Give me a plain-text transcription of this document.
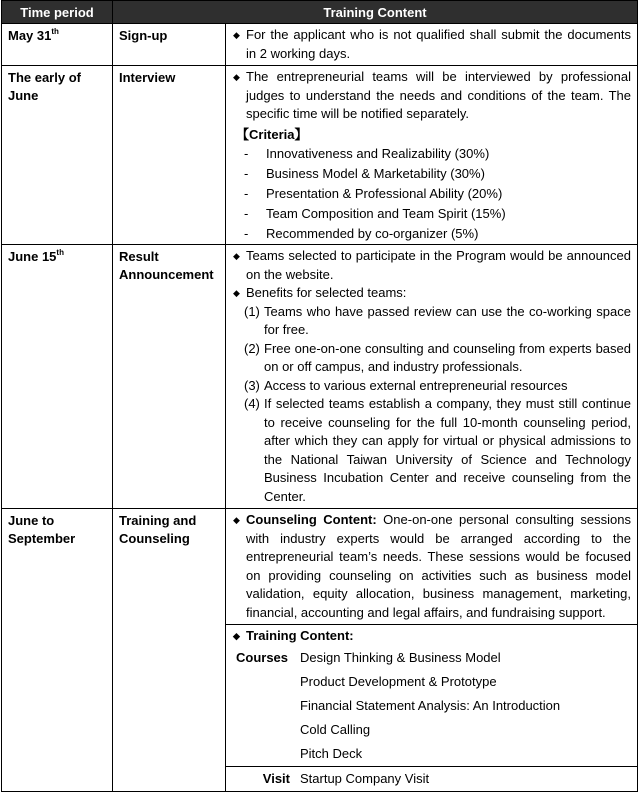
Time period	Training Content
May 31th	Sign-up	
◆For the applicant who is not qualified shall submit the documents in 2 working days.

The early of June	Interview	
◆The entrepreneurial teams will be interviewed by professional judges to understand the needs and conditions of the team. The specific time will be notified separately.
【Criteria】
- Innovativeness and Realizability (30%)
- Business Model & Marketability (30%)
- Presentation & Professional Ability (20%)
- Team Composition and Team Spirit (15%)
- Recommended by co-organizer (5%)

June 15th	Result Announcement	
◆ Teams selected to participate in the Program would be announced on the website.
◆ Benefits for selected teams:
(1) Teams who have passed review can use the co-working space for free.
(2) Free one-on-one consulting and counseling from experts based on or off campus, and industry professionals.
(3) Access to various external entrepreneurial resources
(4) If selected teams establish a company, they must still continue to receive counseling for the full 10-month counseling period, after which they can apply for virtual or physical admissions to the National Taiwan University of Science and Technology Business Incubation Center and receive counseling from the Center.

June to September	Training and Counseling	
◆ Counseling Content: One-on-one personal consulting sessions with industry experts would be arranged according to the entrepreneurial team’s needs. These sessions would be focused on providing counseling on activities such as business model validation, equity allocation, business management, marketing, financial, accounting and legal affairs, and fundraising support.
◆ Training Content:
Courses	Design Thinking & Business Model
	Product Development & Prototype
	Financial Statement Analysis: An Introduction
	Cold Calling
	Pitch Deck
Visit	Startup Company Visit
